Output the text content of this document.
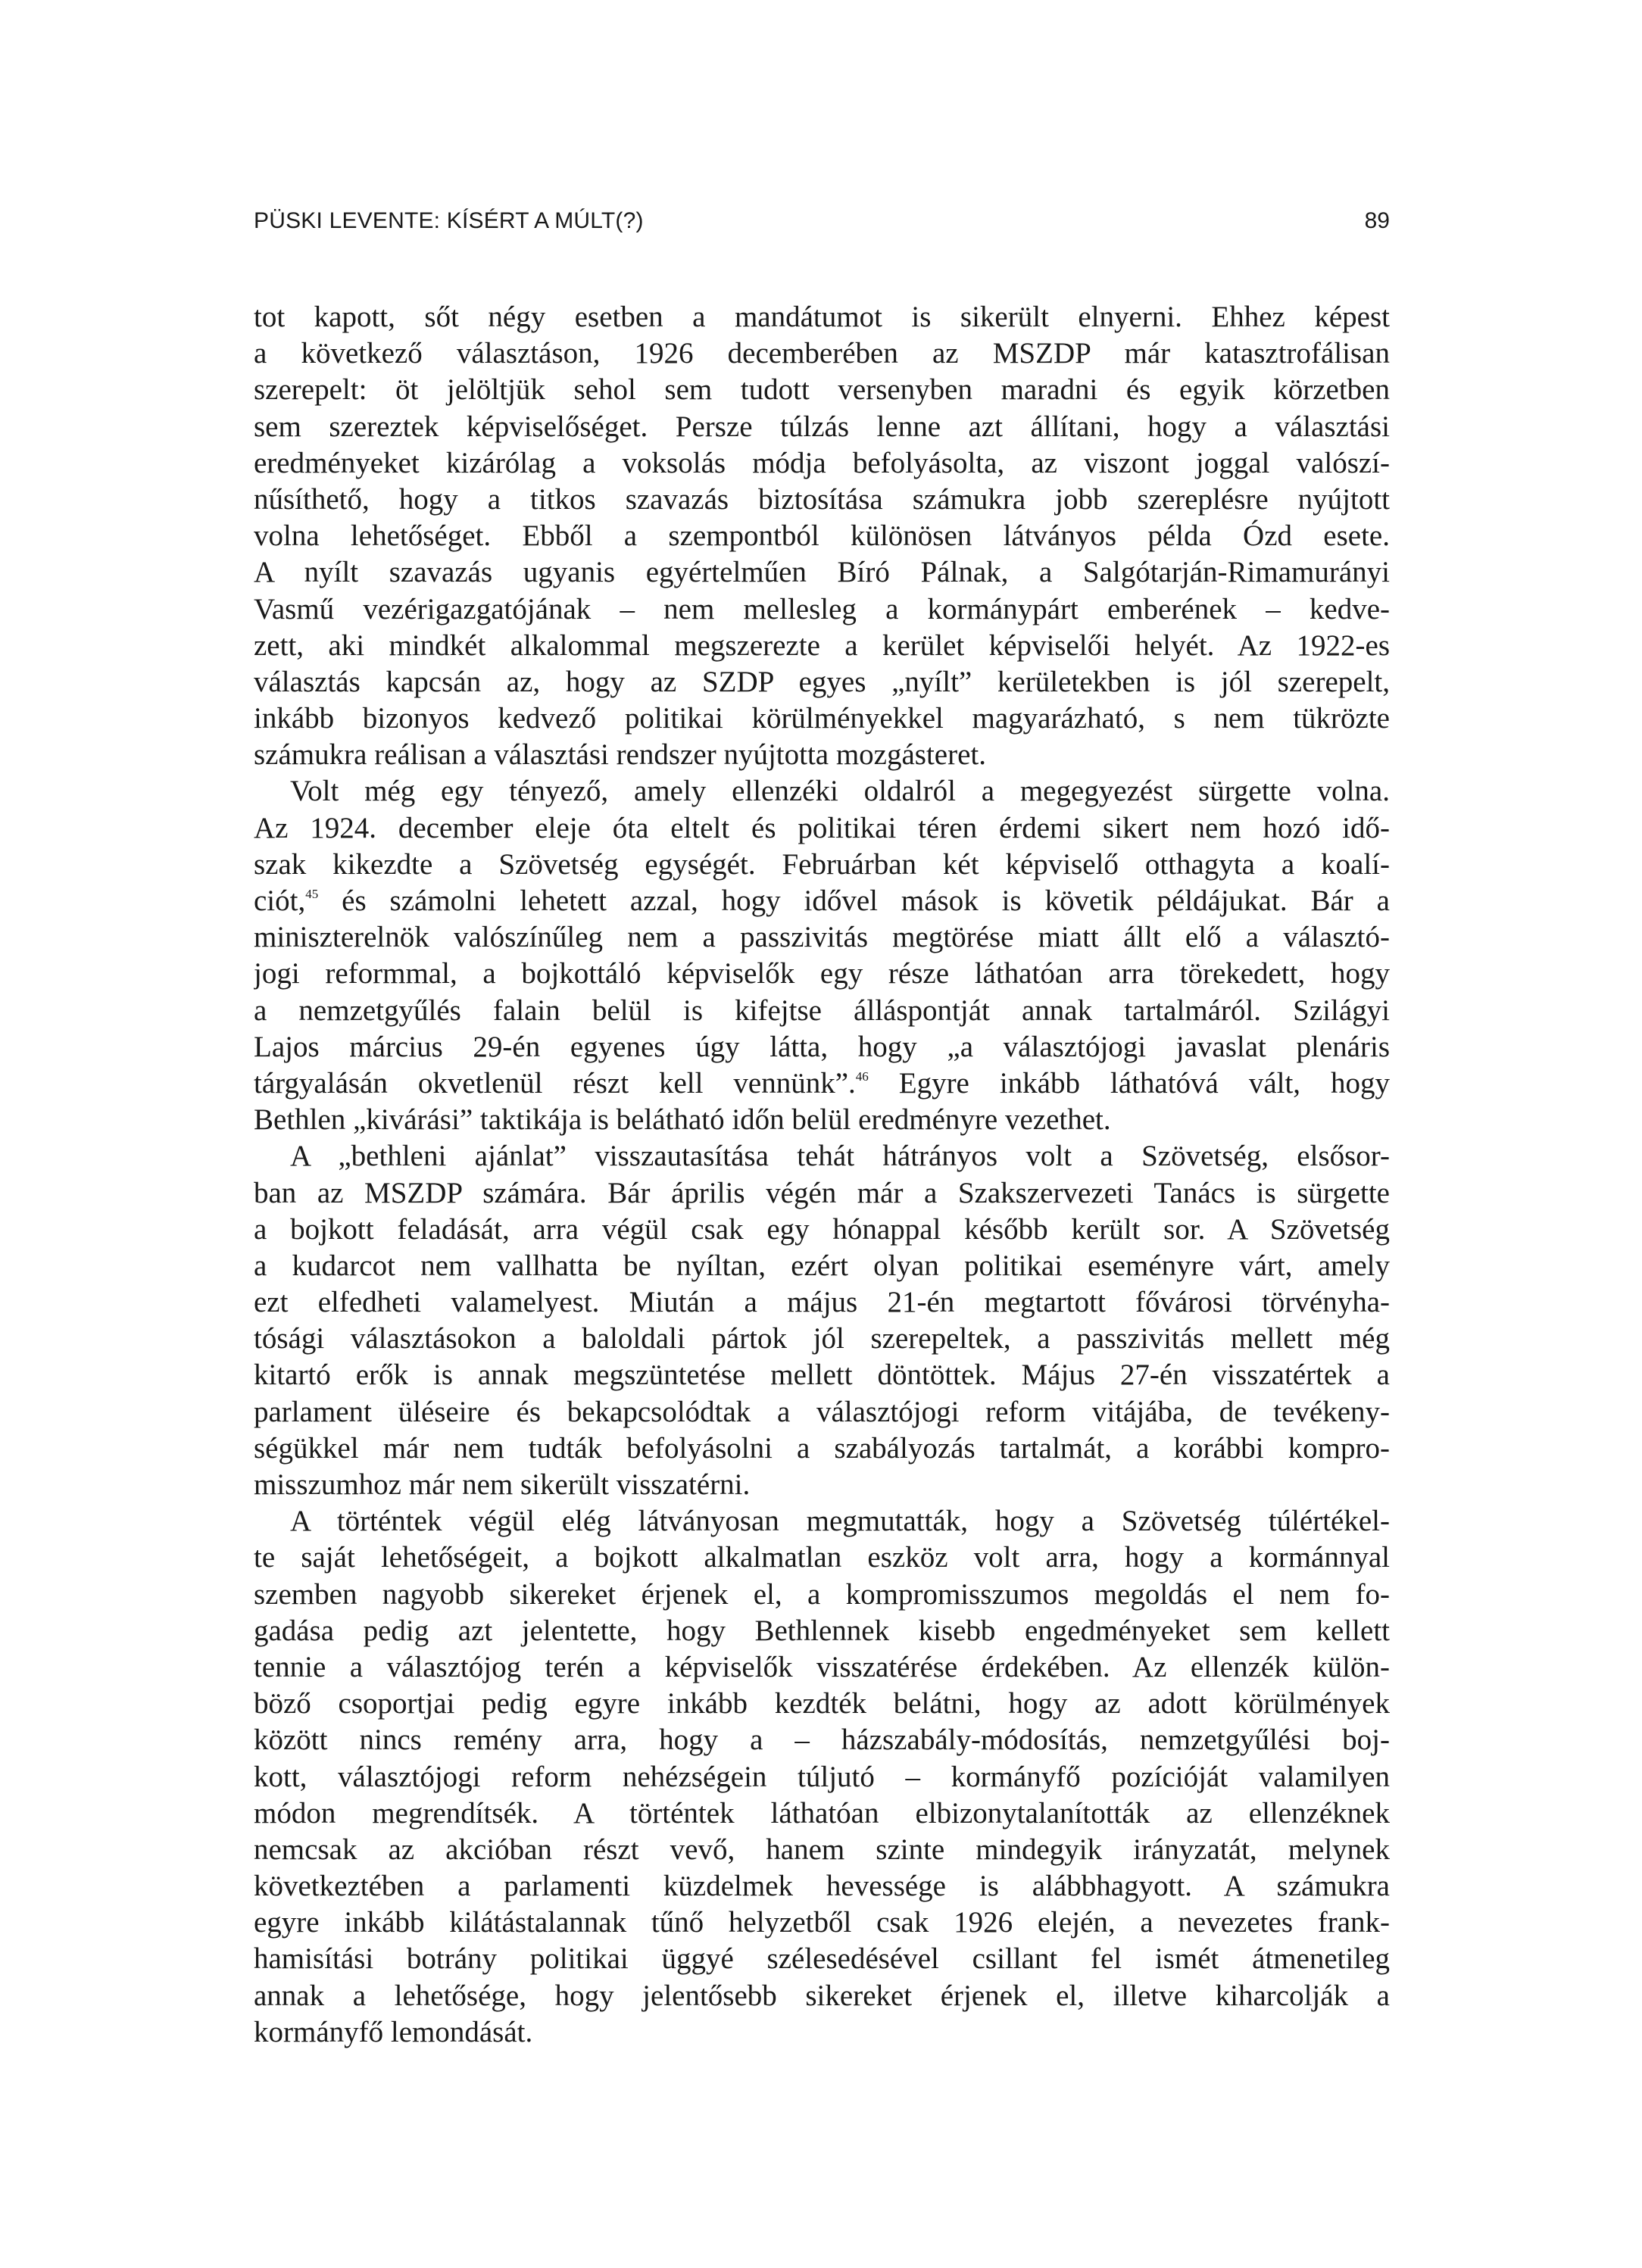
PÜSKI LEVENTE: KÍSÉRT A MÚLT(?)	89
tot kapott, sőt négy esetben a mandátumot is sikerült elnyerni. Ehhez képest
a következő választáson, 1926 decemberében az MSZDP már katasztrofálisan
szerepelt: öt jelöltjük sehol sem tudott versenyben maradni és egyik körzetben
sem szereztek képviselőséget. Persze túlzás lenne azt állítani, hogy a választási
eredményeket kizárólag a voksolás módja befolyásolta, az viszont joggal valószí-
nűsíthető, hogy a titkos szavazás biztosítása számukra jobb szereplésre nyújtott
volna lehetőséget. Ebből a szempontból különösen látványos példa Ózd esete.
A nyílt szavazás ugyanis egyértelműen Bíró Pálnak, a Salgótarján-Rimamurányi
Vasmű vezérigazgatójának – nem mellesleg a kormánypárt emberének – kedve-
zett, aki mindkét alkalommal megszerezte a kerület képviselői helyét. Az 1922-es
választás kapcsán az, hogy az SZDP egyes „nyílt” kerületekben is jól szerepelt,
inkább bizonyos kedvező politikai körülményekkel magyarázható, s nem tükrözte
számukra reálisan a választási rendszer nyújtotta mozgásteret.
Volt még egy tényező, amely ellenzéki oldalról a megegyezést sürgette volna.
Az 1924. december eleje óta eltelt és politikai téren érdemi sikert nem hozó idő-
szak kikezdte a Szövetség egységét. Februárban két képviselő otthagyta a koalí-
ciót,$^{45}$ és számolni lehetett azzal, hogy idővel mások is követik példájukat. Bár a
miniszterelnök valószínűleg nem a passzivitás megtörése miatt állt elő a választó-
jogi reformmal, a bojkottáló képviselők egy része láthatóan arra törekedett, hogy
a nemzetgyűlés falain belül is kifejtse álláspontját annak tartalmáról. Szilágyi
Lajos március 29-én egyenes úgy látta, hogy „a választójogi javaslat plenáris
tárgyalásán okvetlenül részt kell vennünk”.$^{46}$ Egyre inkább láthatóvá vált, hogy
Bethlen „kivárási” taktikája is belátható időn belül eredményre vezethet.
A „bethleni ajánlat” visszautasítása tehát hátrányos volt a Szövetség, elsősor-
ban az MSZDP számára. Bár április végén már a Szakszervezeti Tanács is sürgette
a bojkott feladását, arra végül csak egy hónappal később került sor. A Szövetség
a kudarcot nem vallhatta be nyíltan, ezért olyan politikai eseményre várt, amely
ezt elfedheti valamelyest. Miután a május 21-én megtartott fővárosi törvényha-
tósági választásokon a baloldali pártok jól szerepeltek, a passzivitás mellett még
kitartó erők is annak megszüntetése mellett döntöttek. Május 27-én visszatértek a
parlament üléseire és bekapcsolódtak a választójogi reform vitájába, de tevékeny-
ségükkel már nem tudták befolyásolni a szabályozás tartalmát, a korábbi kompro-
misszumhoz már nem sikerült visszatérni.
A történtek végül elég látványosan megmutatták, hogy a Szövetség túlértékel-
te saját lehetőségeit, a bojkott alkalmatlan eszköz volt arra, hogy a kormánnyal
szemben nagyobb sikereket érjenek el, a kompromisszumos megoldás el nem fo-
gadása pedig azt jelentette, hogy Bethlennek kisebb engedményeket sem kellett
tennie a választójog terén a képviselők visszatérése érdekében. Az ellenzék külön-
böző csoportjai pedig egyre inkább kezdték belátni, hogy az adott körülmények
között nincs remény arra, hogy a – házszabály-módosítás, nemzetgyűlési boj-
kott, választójogi reform nehézségein túljutó – kormányfő pozícióját valamilyen
módon megrendítsék. A történtek láthatóan elbizonytalanították az ellenzéknek
nemcsak az akcióban részt vevő, hanem szinte mindegyik irányzatát, melynek
következtében a parlamenti küzdelmek hevessége is alábbhagyott. A számukra
egyre inkább kilátástalannak tűnő helyzetből csak 1926 elején, a nevezetes frank-
hamisítási botrány politikai üggyé szélesedésével csillant fel ismét átmenetileg
annak a lehetősége, hogy jelentősebb sikereket érjenek el, illetve kiharcolják a
kormányfő lemondását.
